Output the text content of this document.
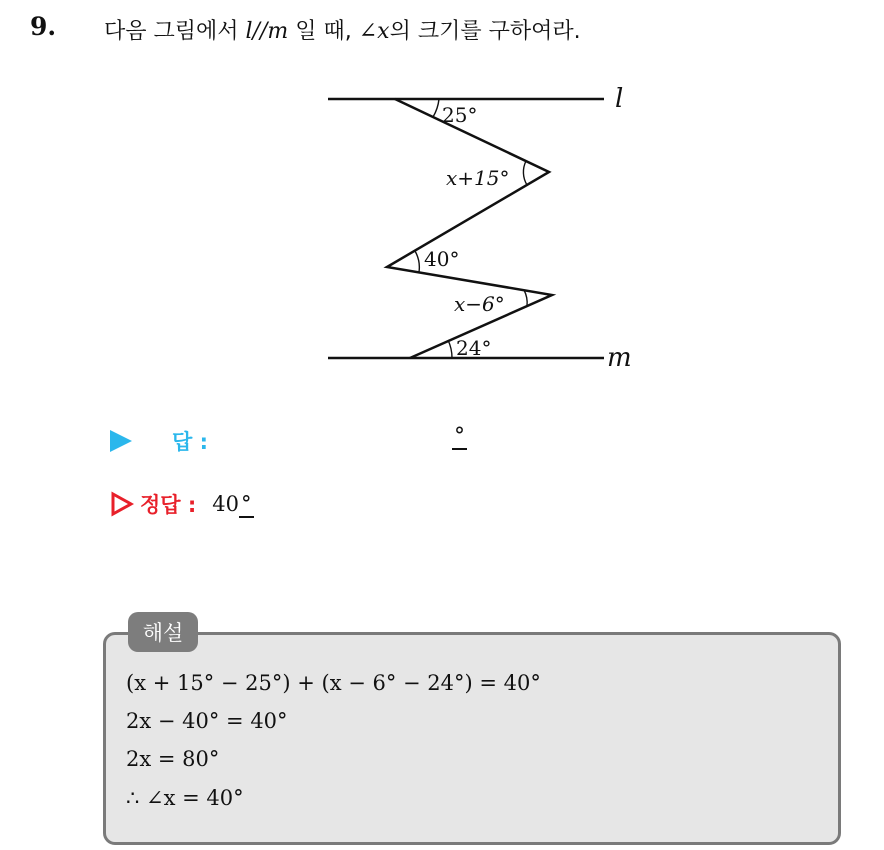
9. 다음 그림에서 l//m 일 때, ∠x의 크기를 구하여라.
l
m
25°
x+15°
40°
x−6°
24°
답 :	°
정답 : 40°
해설
(x + 15° − 25°) + (x − 6° − 24°) = 40°
2x − 40° = 40°
2x = 80°
∴ ∠x = 40°
